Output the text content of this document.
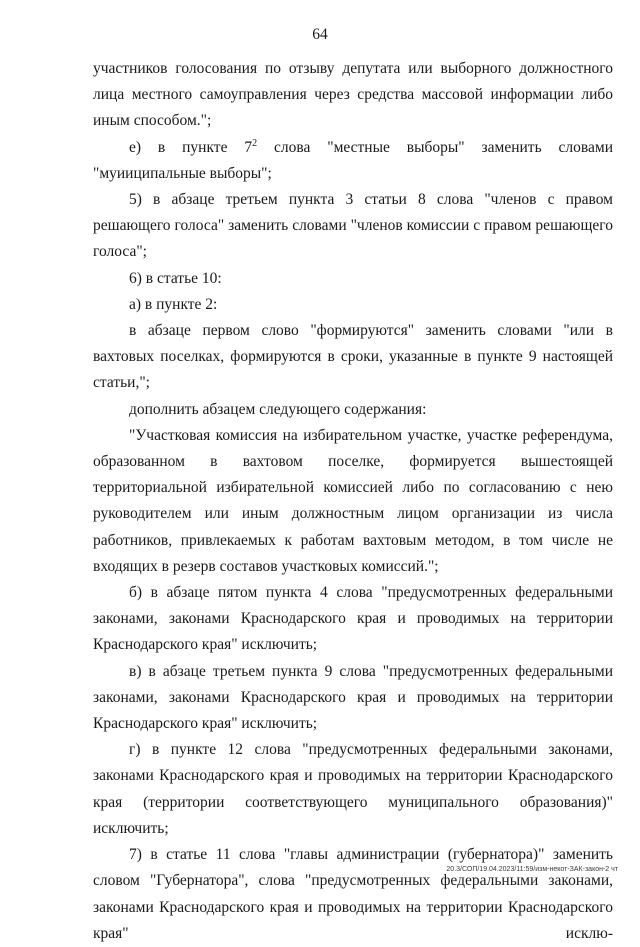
64

участников голосования по отзыву депутата или выборного должностного лица местного самоуправления через средства массовой информации либо иным способом.";

е) в пункте $7^2$ слова "местные выборы" заменить словами "муииципальные выборы";

5) в абзаце третьем пункта 3 статьи 8 слова "членов с правом решающего голоса" заменить словами "членов комиссии с правом решающего голоса";

6) в статье 10:

а) в пункте 2:

в абзаце первом слово "формируются" заменить словами "или в вахтовых поселках, формируются в сроки, указанные в пункте 9 настоящей статьи,";

дополнить абзацем следующего содержания:

"Участковая комиссия на избирательном участке, участке референдума, образованном в вахтовом поселке, формируется вышестоящей территориальной избирательной комиссией либо по согласованию с нею руководителем или иным должностным лицом организации из числа работников, привлекаемых к работам вахтовым методом, в том числе не входящих в резерв составов участковых комиссий.";

б) в абзаце пятом пункта 4 слова "предусмотренных федеральными законами, законами Краснодарского края и проводимых на территории Краснодарского края" исключить;

в) в абзаце третьем пункта 9 слова "предусмотренных федеральными законами, законами Краснодарского края и проводимых на территории Краснодарского края" исключить;

г) в пункте 12 слова "предусмотренных федеральными законами, законами Краснодарского края и проводимых на территории Краснодарского края (территории соответствующего муниципального образования)" исключить;

7) в статье 11 слова "главы администрации (губернатора)" заменить словом "Губернатора", слова "предусмотренных федеральными законами, законами Краснодарского края и проводимых на территории Краснодарского края" исклю-

20.3/СОП/19.04.2023/11:59/изм-некот-ЗАК-закон-2 чт
